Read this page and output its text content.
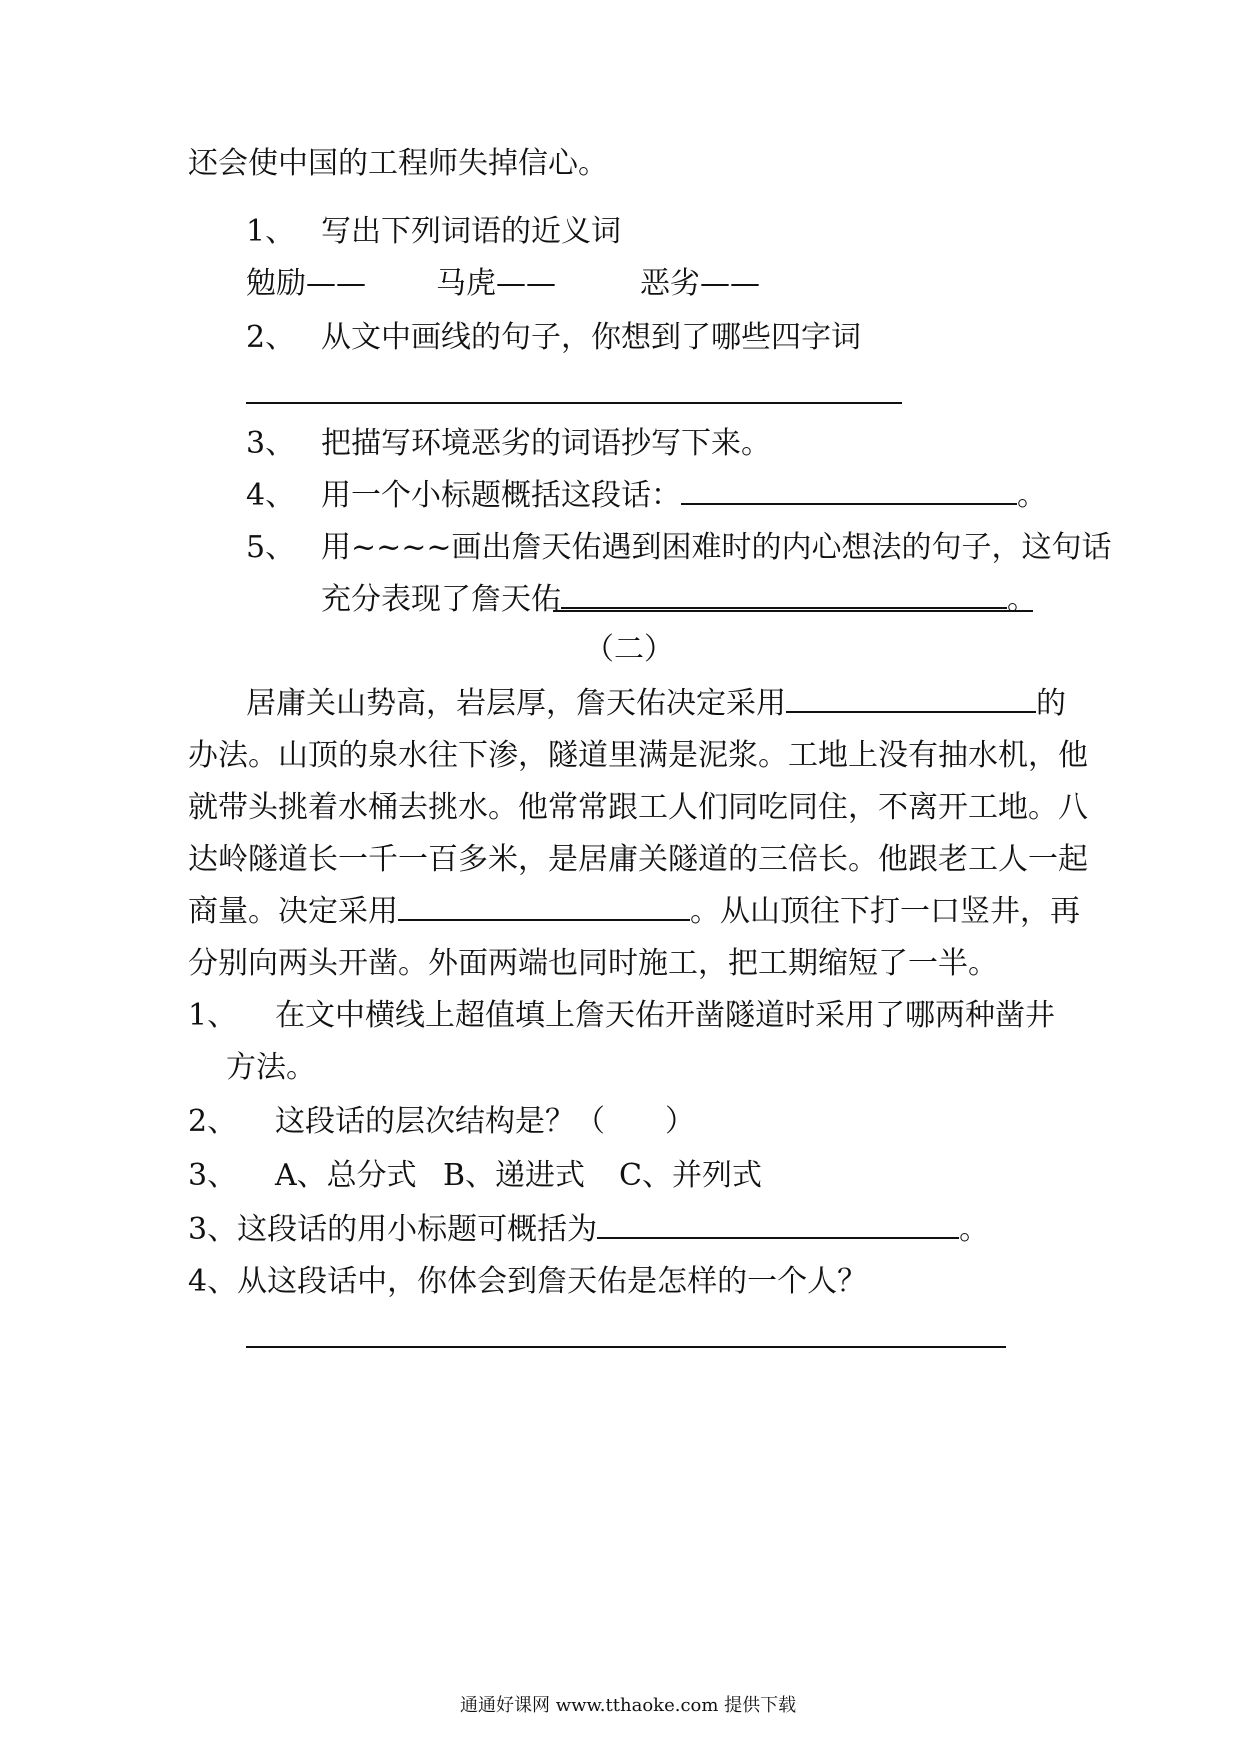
还会使中国的工程师失掉信心。
1、 写出下列词语的近义词
勉励—— 马虎——	恶劣——
2、 从文中画线的句子，你想到了哪些四字词
3、 把描写环境恶劣的词语抄写下来。
4、 用一个小标题概括这段话：	。
5、 用~~~~画出詹天佑遇到困难时的内心想法的句子，这句话
充分表现了詹天佑	。
（二）
居庸关山势高，岩层厚，詹天佑决定采用	的
办法。山顶的泉水往下渗，隧道里满是泥浆。工地上没有抽水机，他
就带头挑着水桶去挑水。他常常跟工人们同吃同住，不离开工地。八
达岭隧道长一千一百多米，是居庸关隧道的三倍长。他跟老工人一起
商量。决定采用	。从山顶往下打一口竖井，再
分别向两头开凿。外面两端也同时施工，把工期缩短了一半。
1、 在文中横线上超值填上詹天佑开凿隧道时采用了哪两种凿井
方法。
2、 这段话的层次结构是？（　　）
3、 A、总分式 B、递进式 C、并列式
3、这段话的用小标题可概括为	。
4、从这段话中，你体会到詹天佑是怎样的一个人？
通通好课网 www.tthaoke.com 提供下载
